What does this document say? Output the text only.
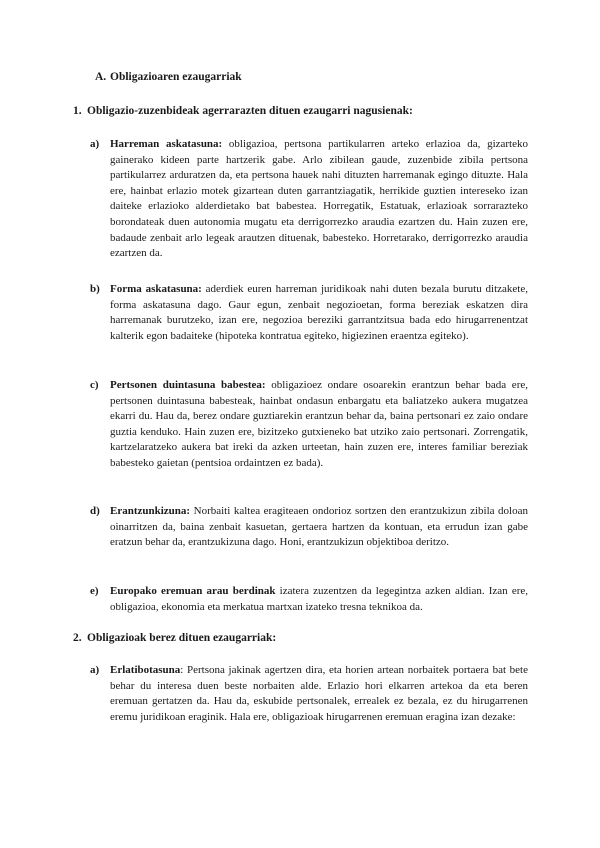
A. Obligazioaren ezaugarriak
1. Obligazio-zuzenbideak agerrarazten dituen ezaugarri nagusienak:
a) Harreman askatasuna: obligazioa, pertsona partikularren arteko erlazioa da, gizarteko gainerako kideen parte hartzerik gabe. Arlo zibilean gaude, zuzenbide zibila pertsona partikularrez arduratzen da, eta pertsona hauek nahi dituzten harremanak egingo dituzte. Hala ere, hainbat erlazio motek gizartean duten garrantziagatik, herrikide guztien intereseko izan daiteke erlazioko alderdietako bat babestea. Horregatik, Estatuak, erlazioak sorrarazteko borondateak duen autonomia mugatu eta derrigorrezko araudia ezartzen du. Hain zuzen ere, badaude zenbait arlo legeak arautzen dituenak, babesteko. Horretarako, derrigorrezko araudia ezartzen da.
b) Forma askatasuna: aderdiek euren harreman juridikoak nahi duten bezala burutu ditzakete, forma askatasuna dago. Gaur egun, zenbait negozioetan, forma bereziak eskatzen dira harremanak burutzeko, izan ere, negozioa bereziki garrantzitsua bada edo hirugarrenentzat kalterik egon badaiteke (hipoteka kontratua egiteko, higiezinen eraentza egiteko).
c)	Pertsonen duintasuna babestea: obligazioez ondare osoarekin erantzun behar bada ere, pertsonen duintasuna babesteak, hainbat ondasun enbargatu eta baliatzeko aukera mugatzea ekarri du. Hau da, berez ondare guztiarekin erantzun behar da, baina pertsonari ez zaio ondare guztia kenduko. Hain zuzen ere, bizitzeko gutxieneko bat utziko zaio pertsonari. Zorrengatik, kartzelaratzeko aukera bat ireki da azken urteetan, hain zuzen ere, interes familiar bereziak babesteko gaietan (pentsioa ordaintzen ez bada).
d) Erantzunkizuna: Norbaiti kaltea eragiteaen ondorioz sortzen den erantzukizun zibila doloan oinarritzen da, baina zenbait kasuetan, gertaera hartzen da kontuan, eta errudun izan gabe eratzun behar da, erantzukizuna dago. Honi, erantzukizun objektiboa deritzo.
e)	Europako eremuan arau berdinak izatera zuzentzen da legegintza azken aldian. Izan ere, obligazioa, ekonomia eta merkatua martxan izateko tresna teknikoa da.
2. Obligazioak berez dituen ezaugarriak:
a) Erlatibotasuna: Pertsona jakinak agertzen dira, eta horien artean norbaitek portaera bat bete behar du interesa duen beste norbaiten alde. Erlazio hori elkarren artekoa da eta beren eremuan gertatzen da. Hau da, eskubide pertsonalek, errealek ez bezala, ez du hirugarrenen eremu juridikoan eraginik. Hala ere, obligazioak hirugarrenen eremuan eragina izan dezake:
